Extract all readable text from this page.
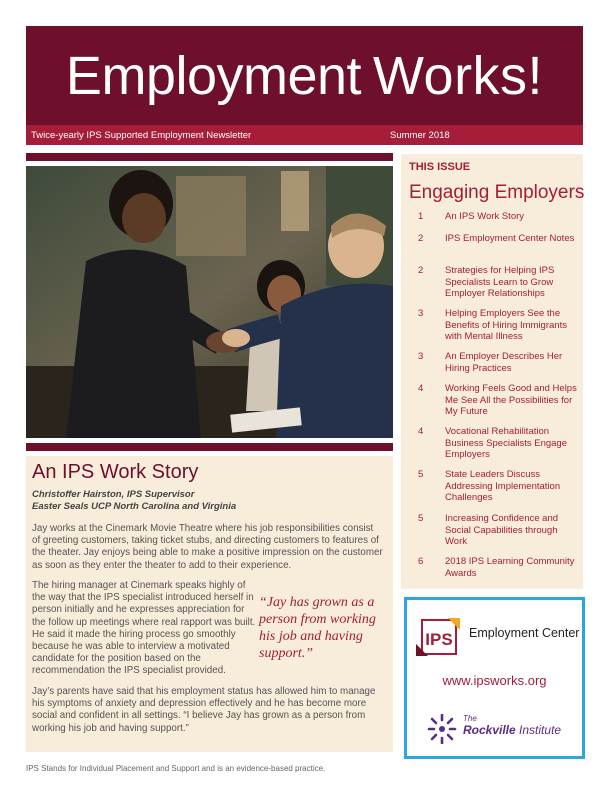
Employment Works!
Twice-yearly IPS Supported Employment Newsletter	Summer 2018
An IPS Work Story
Christoffer Hairston, IPS Supervisor
Easter Seals UCP North Carolina and Virginia
Jay works at the Cinemark Movie Theatre where his job responsibilities consist of greeting customers, taking ticket stubs, and directing customers to features of the theater. Jay enjoys being able to make a positive impression on the customer as soon as they enter the theater to add to their experience.
The hiring manager at Cinemark speaks highly of the way that the IPS specialist introduced herself in person initially and he expresses appreciation for the follow up meetings where real rapport was built. He said it made the hiring process go smoothly because he was able to interview a motivated candidate for the position based on the recommendation the IPS specialist provided.
“Jay has grown as a person from working his job and having support.”
Jay’s parents have said that his employment status has allowed him to manage his symptoms of anxiety and depression effectively and he has become more social and confident in all settings. “I believe Jay has grown as a person from working his job and having support.”
THIS ISSUE
Engaging Employers
1 An IPS Work Story
2 IPS Employment Center Notes
2 Strategies for Helping IPS Specialists Learn to Grow Employer Relationships
3 Helping Employers See the Benefits of Hiring Immigrants with Mental Illness
3 An Employer Describes Her Hiring Practices
4 Working Feels Good and Helps Me See All the Possibilities for My Future
4 Vocational Rehabilitation Business Specialists Engage Employers
5 State Leaders Discuss Addressing Implementation Challenges
5 Increasing Confidence and Social Capabilities through Work
6 2018 IPS Learning Community Awards
IPS Employment Center
www.ipsworks.org
The
Rockville Institute
IPS Stands for Individual Placement and Support and is an evidence-based practice.
